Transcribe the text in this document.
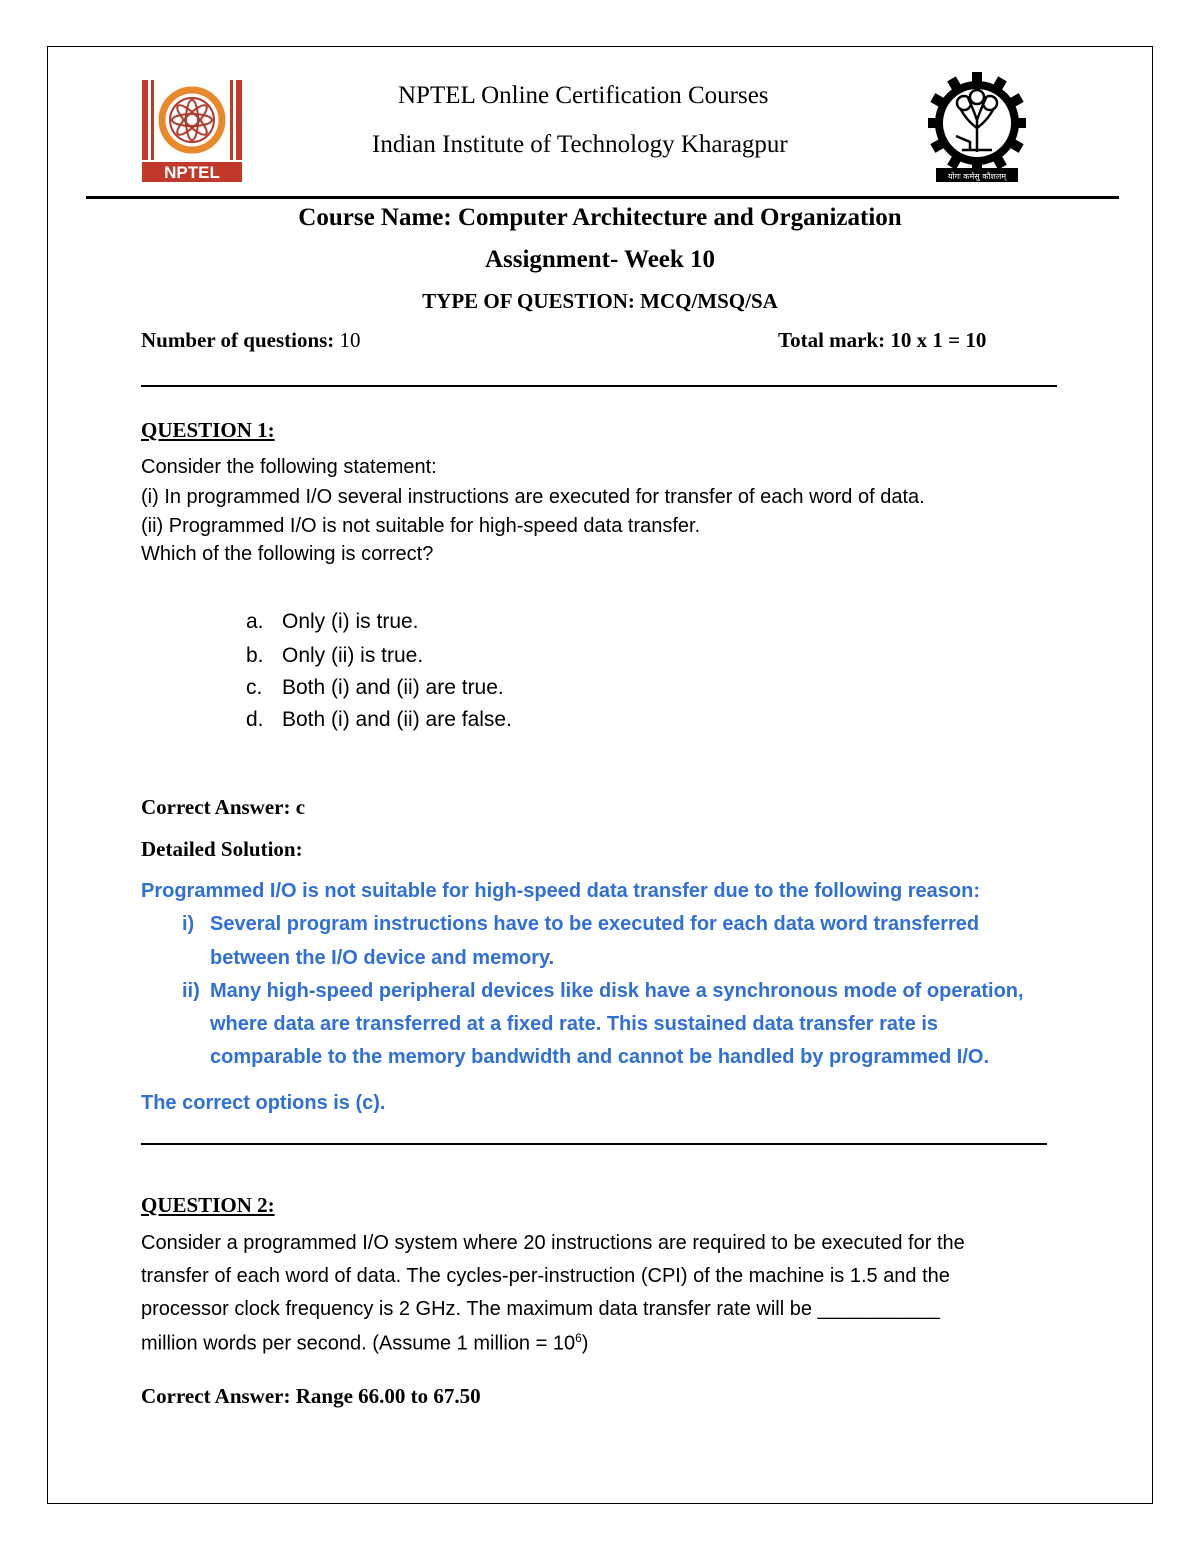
NPTEL
NPTEL Online Certification Courses
Indian Institute of Technology Kharagpur
योगः कर्मसु कौशलम्
Course Name: Computer Architecture and Organization
Assignment- Week 10
TYPE OF QUESTION: MCQ/MSQ/SA
Number of questions: 10	Total mark: 10 x 1 = 10
QUESTION 1:
Consider the following statement:
(i) In programmed I/O several instructions are executed for transfer of each word of data.
(ii) Programmed I/O is not suitable for high-speed data transfer.
Which of the following is correct?
a. Only (i) is true.
b. Only (ii) is true.
c. Both (i) and (ii) are true.
d. Both (i) and (ii) are false.
Correct Answer: c
Detailed Solution:
Programmed I/O is not suitable for high-speed data transfer due to the following reason:
i) Several program instructions have to be executed for each data word transferred
between the I/O device and memory.
ii) Many high-speed peripheral devices like disk have a synchronous mode of operation,
where data are transferred at a fixed rate. This sustained data transfer rate is
comparable to the memory bandwidth and cannot be handled by programmed I/O.
The correct options is (c).
QUESTION 2:
Consider a programmed I/O system where 20 instructions are required to be executed for the
transfer of each word of data. The cycles-per-instruction (CPI) of the machine is 1.5 and the
processor clock frequency is 2 GHz. The maximum data transfer rate will be ___________
million words per second. (Assume 1 million = $10^6$)
Correct Answer: Range 66.00 to 67.50
